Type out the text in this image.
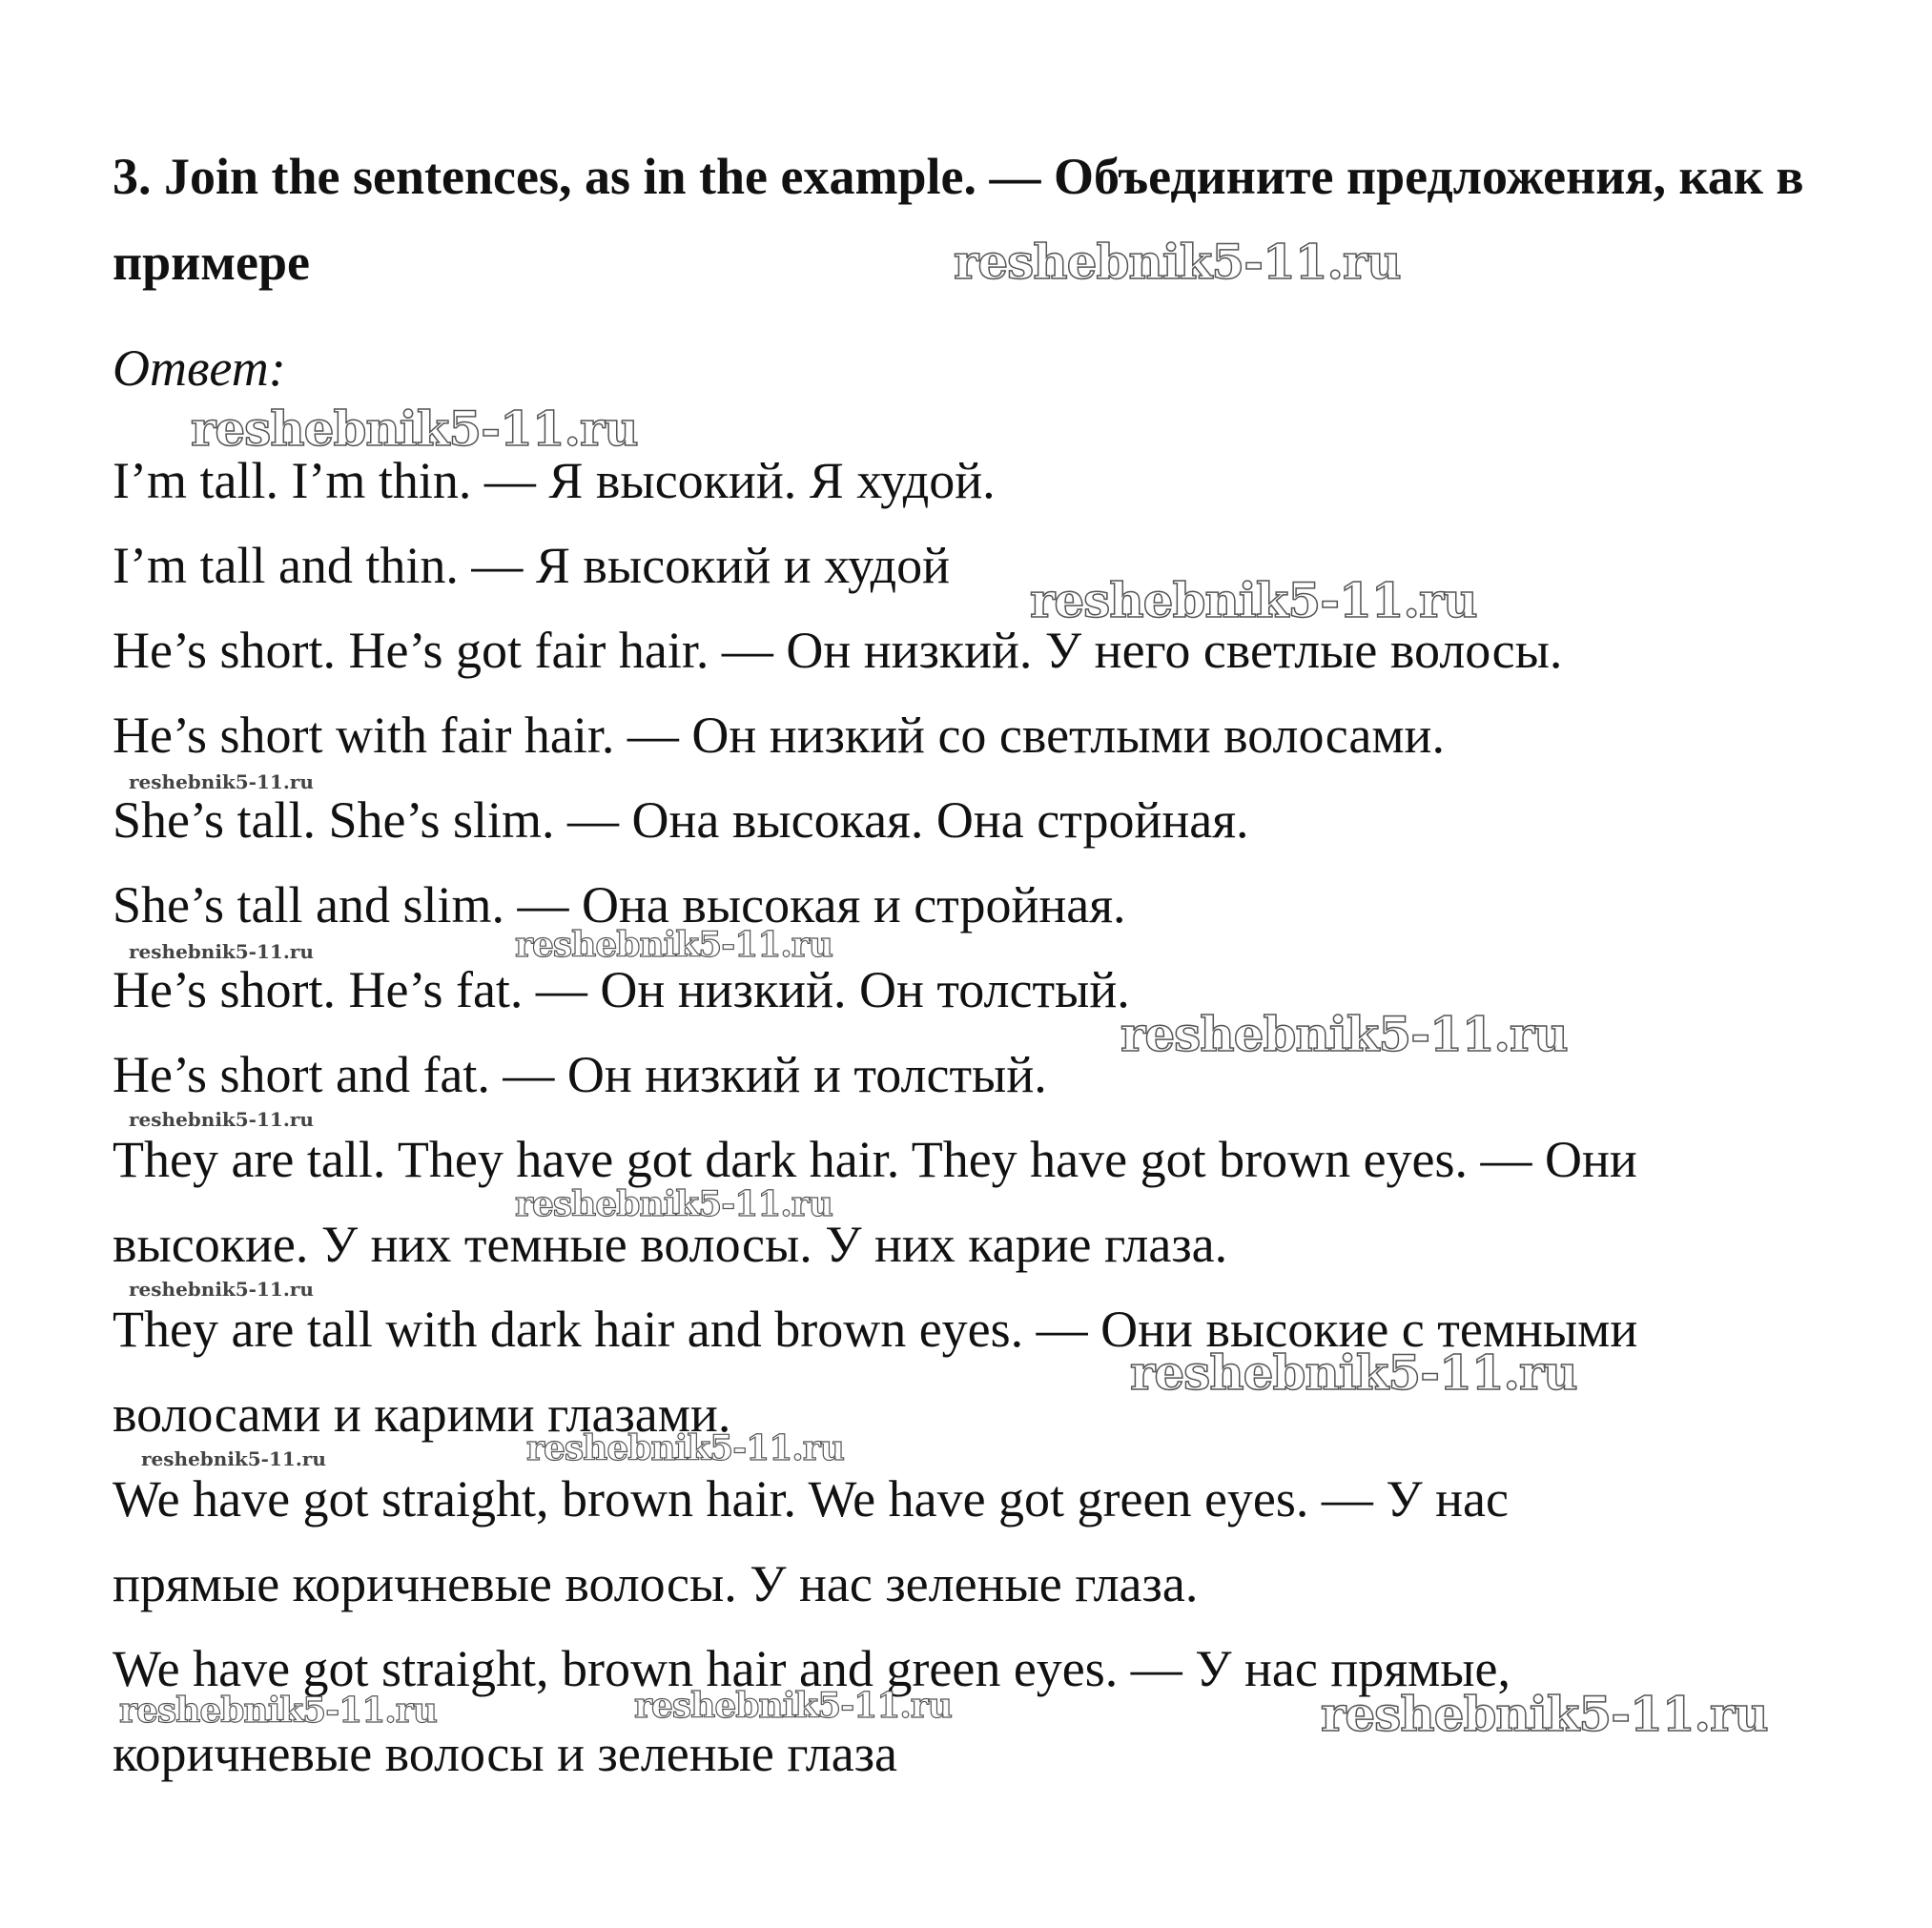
3. Join the sentences, as in the example. — Объедините предложения, как в примере

Ответ:

I’m tall. I’m thin. — Я высокий. Я худой.
I’m tall and thin. — Я высокий и худой
He’s short. He’s got fair hair. — Он низкий. У него светлые волосы.
He’s short with fair hair. — Он низкий со светлыми волосами.
She’s tall. She’s slim. — Она высокая. Она стройная.
She’s tall and slim. — Она высокая и стройная.
He’s short. He’s fat. — Он низкий. Он толстый.
He’s short and fat. — Он низкий и толстый.
They are tall. They have got dark hair. They have got brown eyes. — Они
высокие. У них темные волосы. У них карие глаза.
They are tall with dark hair and brown eyes. — Они высокие с темными
волосами и карими глазами.
We have got straight, brown hair. We have got green eyes. — У нас
прямые коричневые волосы. У нас зеленые глаза.
We have got straight, brown hair and green eyes. — У нас прямые,
коричневые волосы и зеленые глаза

reshebnik5-11.ru

reshebnik5-11.ru

reshebnik5-11.ru

reshebnik5-11.ru

reshebnik5-11.ru

reshebnik5-11.ru

reshebnik5-11.ru

reshebnik5-11.ru

reshebnik5-11.ru

reshebnik5-11.ru

reshebnik5-11.ru

reshebnik5-11.ru	reshebnik5-11.ru

reshebnik5-11.ru	reshebnik5-11.ru	reshebnik5-11.ru
